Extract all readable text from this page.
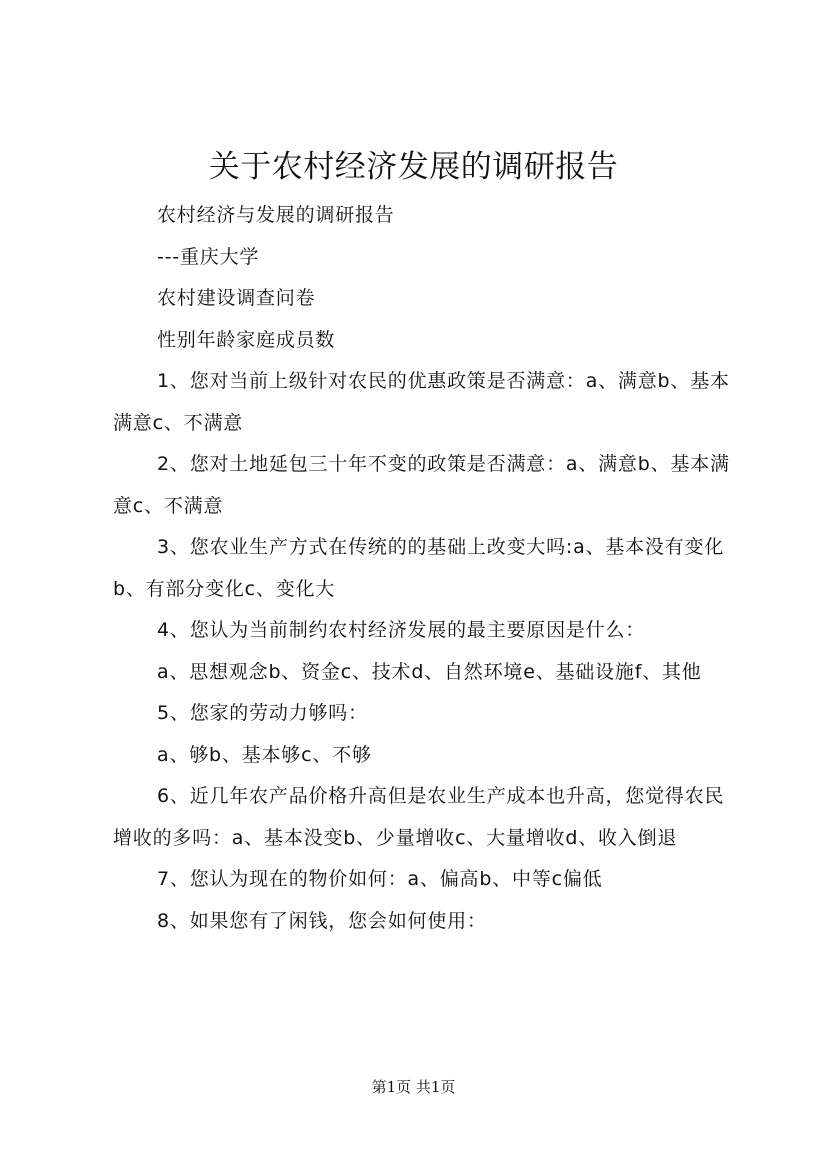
关于农村经济发展的调研报告

农村经济与发展的调研报告

---重庆大学

农村建设调查问卷

性别年龄家庭成员数

1、您对当前上级针对农民的优惠政策是否满意：a、满意b、基本满意c、不满意

2、您对土地延包三十年不变的政策是否满意：a、满意b、基本满意c、不满意

3、您农业生产方式在传统的的基础上改变大吗:a、基本没有变化b、有部分变化c、变化大

4、您认为当前制约农村经济发展的最主要原因是什么：

a、思想观念b、资金c、技术d、自然环境e、基础设施f、其他

5、您家的劳动力够吗：

a、够b、基本够c、不够

6、近几年农产品价格升高但是农业生产成本也升高，您觉得农民增收的多吗：a、基本没变b、少量增收c、大量增收d、收入倒退

7、您认为现在的物价如何：a、偏高b、中等c偏低

8、如果您有了闲钱，您会如何使用：

第1页 共1页
